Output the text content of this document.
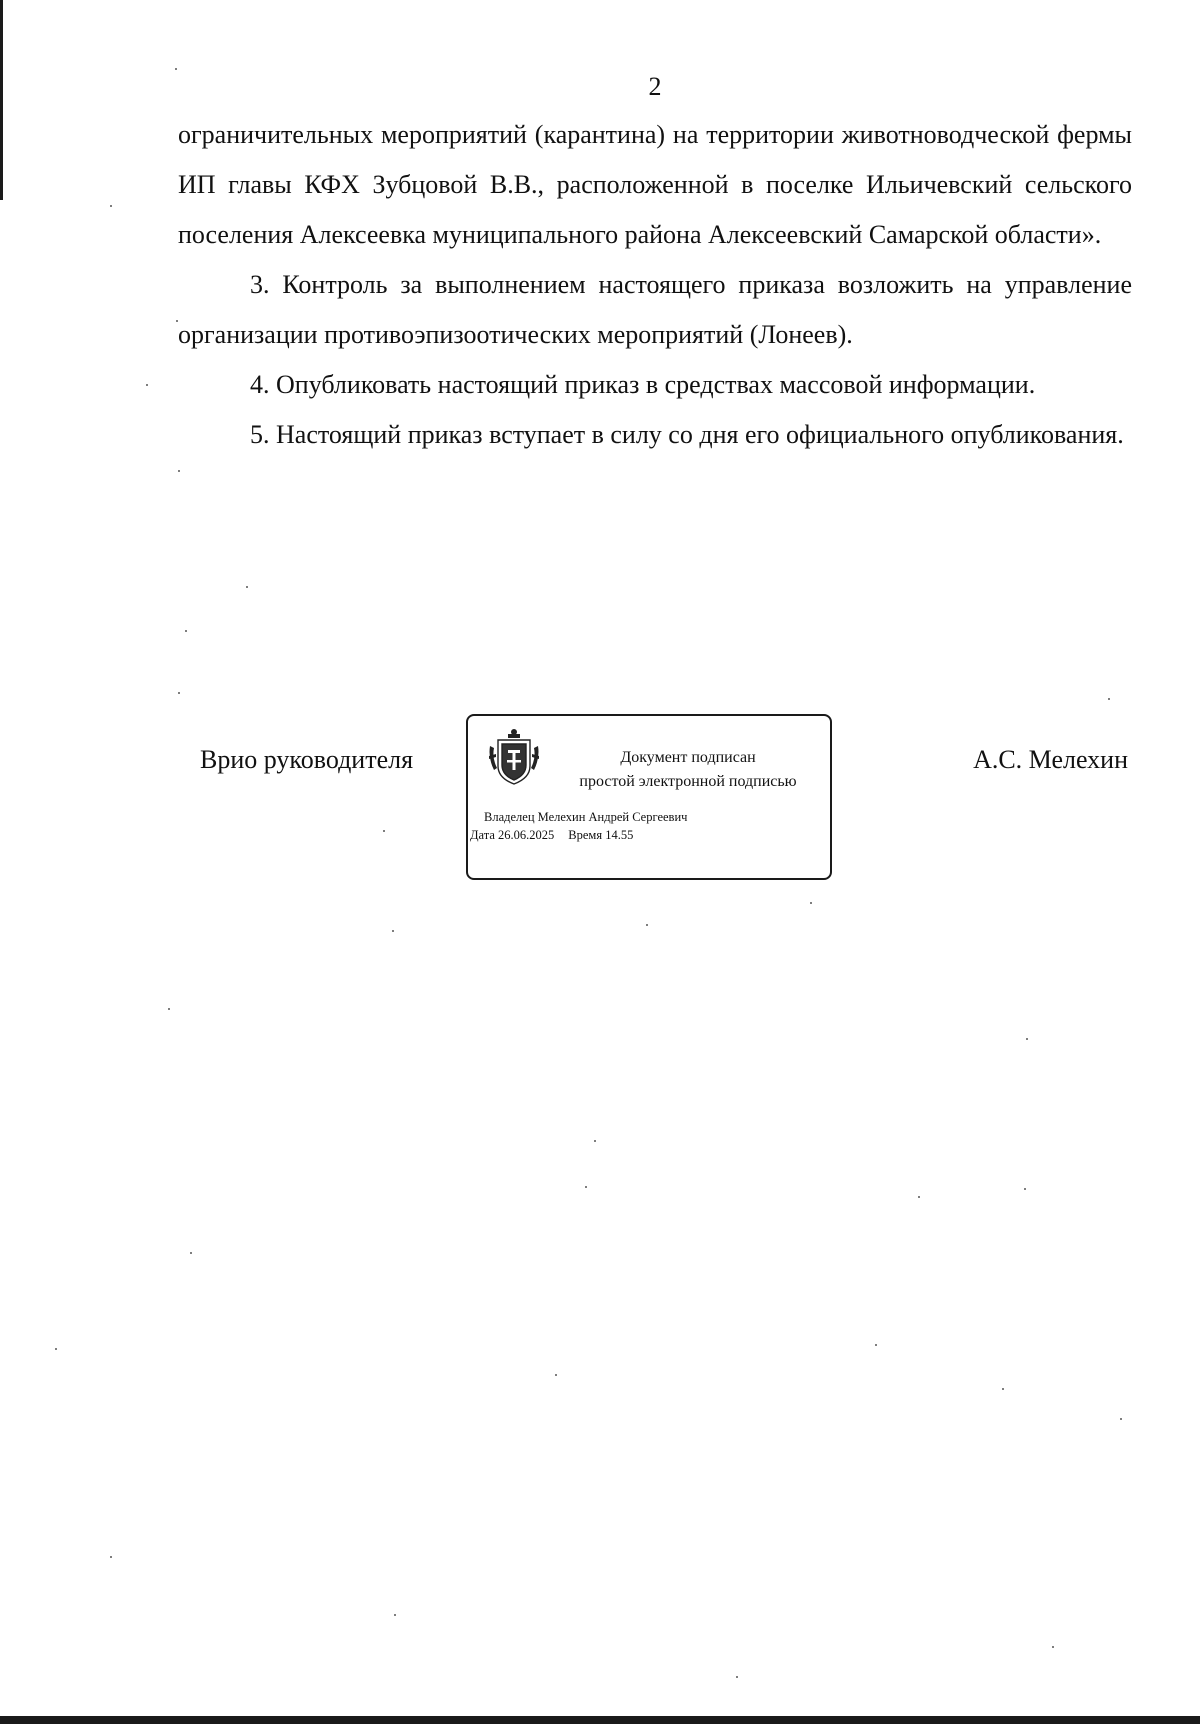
2

ограничительных мероприятий (карантина) на территории животноводческой фермы ИП главы КФХ Зубцовой В.В., расположенной в поселке Ильичевский сельского поселения Алексеевка муниципального района Алексеевский Самарской области».

3. Контроль за выполнением настоящего приказа возложить на управление организации противоэпизоотических мероприятий (Лонеев).

4. Опубликовать настоящий приказ в средствах массовой информации.

5. Настоящий приказ вступает в силу со дня его официального опубликования.

Врио руководителя	Документ подписан
простой электронной подписью
Владелец Мелехин Андрей Сергеевич
Дата 26.06.2025 Время 14.55
А.С. Мелехин
